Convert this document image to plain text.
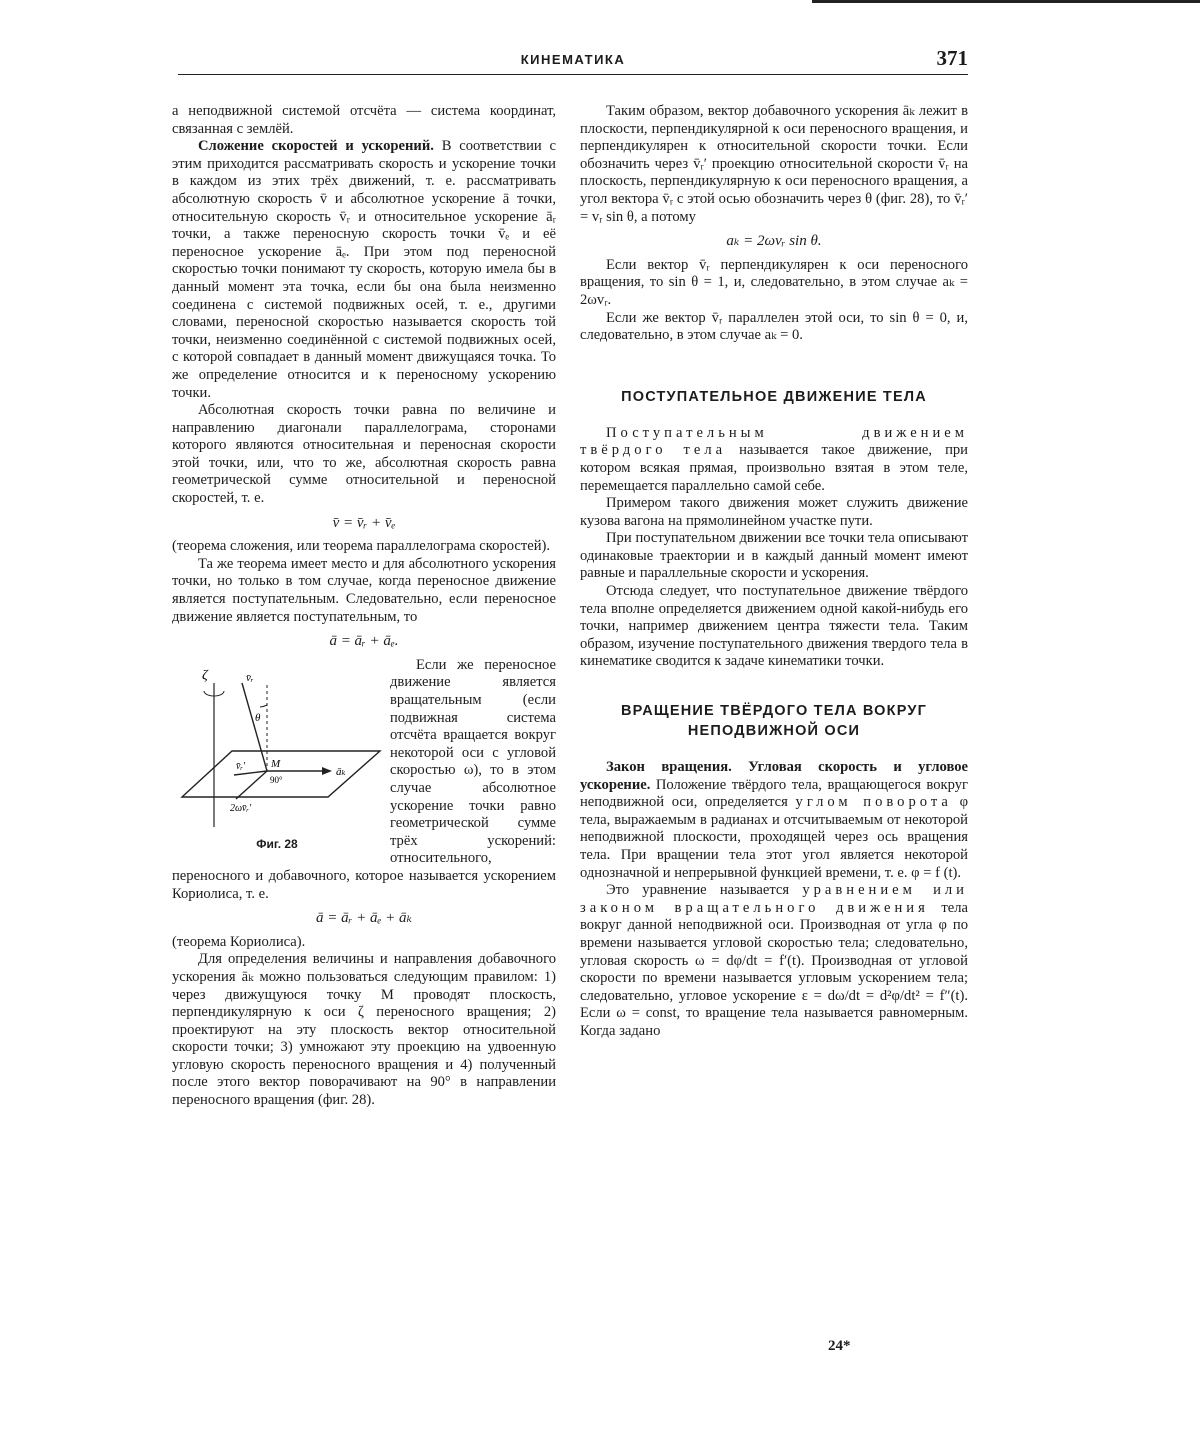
КИНЕМАТИКА	371

а неподвижной системой отсчёта — система координат, связанная с землёй.

Сложение скоростей и ускорений. В соответствии с этим приходится рассматривать скорость и ускорение точки в каждом из этих трёх движений, т. е. рассматривать абсолютную скорость v̄ и абсолютное ускорение ā точки, относительную скорость v̄ᵣ и относительное ускорение āᵣ точки, а также переносную скорость точки v̄ₑ и её переносное ускорение āₑ. При этом под переносной скоростью точки понимают ту скорость, которую имела бы в данный момент эта точка, если бы она была неизменно соединена с системой подвижных осей, т. е., другими словами, переносной скоростью называется скорость той точки, неизменно соединённой с системой подвижных осей, с которой совпадает в данный момент движущаяся точка. То же определение относится и к переносному ускорению точки.

Абсолютная скорость точки равна по величине и направлению диагонали параллелограма, сторонами которого являются относительная и переносная скорости этой точки, или, что то же, абсолютная скорость равна геометрической сумме относительной и переносной скоростей, т. е.

v̄ = v̄ᵣ + v̄ₑ

(теорема сложения, или теорема параллелограма скоростей).

Та же теорема имеет место и для абсолютного ускорения точки, но только в том случае, когда переносное движение является поступательным. Следовательно, если переносное движение является поступательным, то

ā = āᵣ + āₑ.
ζ	v̄ᵣ
θ
M
v̄ᵣ′
90°
āₖ
2ωv̄ᵣ′
Фиг. 28

Если же переносное движение является вращательным (если подвижная система отсчёта вращается вокруг некоторой оси с угловой скоростью ω), то в этом случае абсолютное ускорение точки равно геометрической сумме трёх ускорений: относительного, переносного и добавочного, которое называется ускорением Кориолиса, т. е.

ā = āᵣ + āₑ + āₖ

(теорема Кориолиса).

Для определения величины и направления добавочного ускорения āₖ можно пользоваться следующим правилом: 1) через движущуюся точку M проводят плоскость, перпендикулярную к оси ζ переносного вращения; 2) проектируют на эту плоскость вектор относительной скорости точки; 3) умножают эту проекцию на удвоенную угловую скорость переносного вращения и 4) полученный после этого вектор поворачивают на 90° в направлении переносного вращения (фиг. 28).

Таким образом, вектор добавочного ускорения āₖ лежит в плоскости, перпендикулярной к оси переносного вращения, и перпендикулярен к относительной скорости точки. Если обозначить через v̄ᵣ′ проекцию относительной скорости v̄ᵣ на плоскость, перпендикулярную к оси переносного вращения, а угол вектора v̄ᵣ с этой осью обозначить через θ (фиг. 28), то v̄ᵣ′ = vᵣ sin θ, а потому

aₖ = 2ωvᵣ sin θ.

Если вектор v̄ᵣ перпендикулярен к оси переносного вращения, то sin θ = 1, и, следовательно, в этом случае aₖ = 2ωvᵣ.

Если же вектор v̄ᵣ параллелен этой оси, то sin θ = 0, и, следовательно, в этом случае aₖ = 0.

ПОСТУПАТЕЛЬНОЕ ДВИЖЕНИЕ ТЕЛА

Поступательным движением твёрдого тела называется такое движение, при котором всякая прямая, произвольно взятая в этом теле, перемещается параллельно самой себе.

Примером такого движения может служить движение кузова вагона на прямолинейном участке пути.

При поступательном движении все точки тела описывают одинаковые траектории и в каждый данный момент имеют равные и параллельные скорости и ускорения.

Отсюда следует, что поступательное движение твёрдого тела вполне определяется движением одной какой-нибудь его точки, например движением центра тяжести тела. Таким образом, изучение поступательного движения твердого тела в кинематике сводится к задаче кинематики точки.

ВРАЩЕНИЕ ТВЁРДОГО ТЕЛА ВОКРУГ
НЕПОДВИЖНОЙ ОСИ

Закон вращения. Угловая скорость и угловое ускорение. Положение твёрдого тела, вращающегося вокруг неподвижной оси, определяется углом поворота φ тела, выражаемым в радианах и отсчитываемым от некоторой неподвижной плоскости, проходящей через ось вращения тела. При вращении тела этот угол является некоторой однозначной и непрерывной функцией времени, т. е. φ = f (t).

Это уравнение называется уравнением или законом вращательного движения тела вокруг данной неподвижной оси. Производная от угла φ по времени называется угловой скоростью тела; следовательно, угловая скорость ω = dφ/dt = f′(t). Производная от угловой скорости по времени называется угловым ускорением тела; следовательно, угловое ускорение ε = dω/dt = d²φ/dt² = f″(t). Если ω = const, то вращение тела называется равномерным. Когда задано

24*
